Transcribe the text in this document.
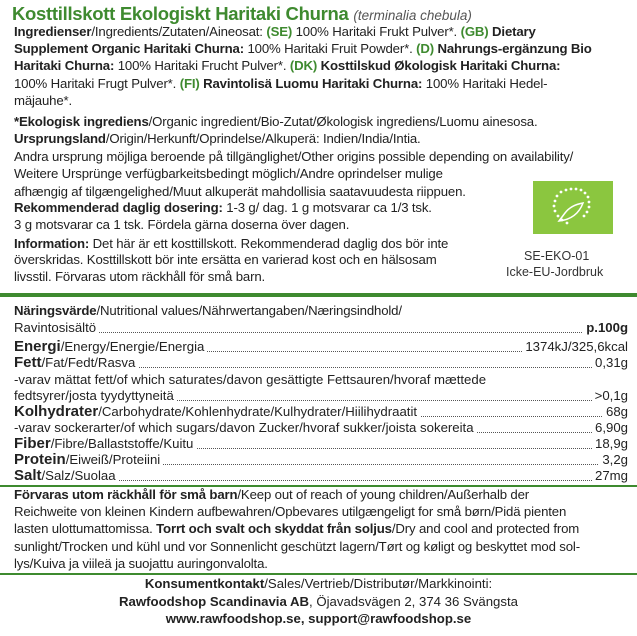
Kosttillskott Ekologiskt Haritaki Churna (terminalia chebula)
Ingredienser/Ingredients/Zutaten/Aineosat: (SE) 100% Haritaki Frukt Pulver*. (GB) Dietary
Supplement Organic Haritaki Churna: 100% Haritaki Fruit Powder*. (D) Nahrungs-ergänzung Bio
Haritaki Churna: 100% Haritaki Frucht Pulver*. (DK) Kosttilskud Økologisk Haritaki Churna:
100% Haritaki Frugt Pulver*. (FI) Ravintolisä Luomu Haritaki Churna: 100% Haritaki Hedel-
mäjauhe*.
*Ekologisk ingrediens/Organic ingredient/Bio-Zutat/Økologisk ingrediens/Luomu ainesosa.
Ursprungsland/Origin/Herkunft/Oprindelse/Alkuperä: Indien/India/Intia.
Andra ursprung möjliga beroende på tillgänglighet/Other origins possible depending on availability/
Weitere Ursprünge verfügbarkeitsbedingt möglich/Andre oprindelser mulige
afhængig af tilgængelighed/Muut alkuperät mahdollisia saatavuudesta riippuen.
Rekommenderad daglig dosering: 1-3 g/ dag. 1 g motsvarar ca 1/3 tsk.
3 g motsvarar ca 1 tsk. Fördela gärna doserna över dagen.
Information: Det här är ett kosttillskott. Rekommenderad daglig dos bör inte
överskridas. Kosttillskott bör inte ersätta en varierad kost och en hälsosam
livsstil. Förvaras utom räckhåll för små barn.
SE-EKO-01
Icke-EU-Jordbruk
Näringsvärde/Nutritional values/Nährwertangaben/Næringsindhold/
Ravintosisältö	p.100g
Energi/Energy/Energie/Energia	1374kJ/325,6kcal
Fett/Fat/Fedt/Rasva	0,31g
-varav mättat fett/of which saturates/davon gesättigte Fettsauren/hvoraf mættede
fedtsyrer/josta tyydyttyneitä	>0,1g
Kolhydrater/Carbohydrate/Kohlenhydrate/Kulhydrater/Hiilihydraatit	68g
-varav sockerarter/of which sugars/davon Zucker/hvoraf sukker/joista sokereita	6,90g
Fiber/Fibre/Ballaststoffe/Kuitu	18,9g
Protein/Eiweiß/Proteiini	3,2g
Salt/Salz/Suolaa	27mg
Förvaras utom räckhåll för små barn/Keep out of reach of young children/Außerhalb der
Reichweite von kleinen Kindern aufbewahren/Opbevares utilgængeligt for små børn/Pidä pienten
lasten ulottumattomissa. Torrt och svalt och skyddat från soljus/Dry and cool and protected from
sunlight/Trocken und kühl und vor Sonnenlicht geschützt lagern/Tørt og køligt og beskyttet mod sol-
lys/Kuiva ja viileä ja suojattu auringonvalolta.
Konsumentkontakt/Sales/Vertrieb/Distributør/Markkinointi:
Rawfoodshop Scandinavia AB, Öjavadsvägen 2, 374 36 Svängsta
www.rawfoodshop.se, support@rawfoodshop.se
